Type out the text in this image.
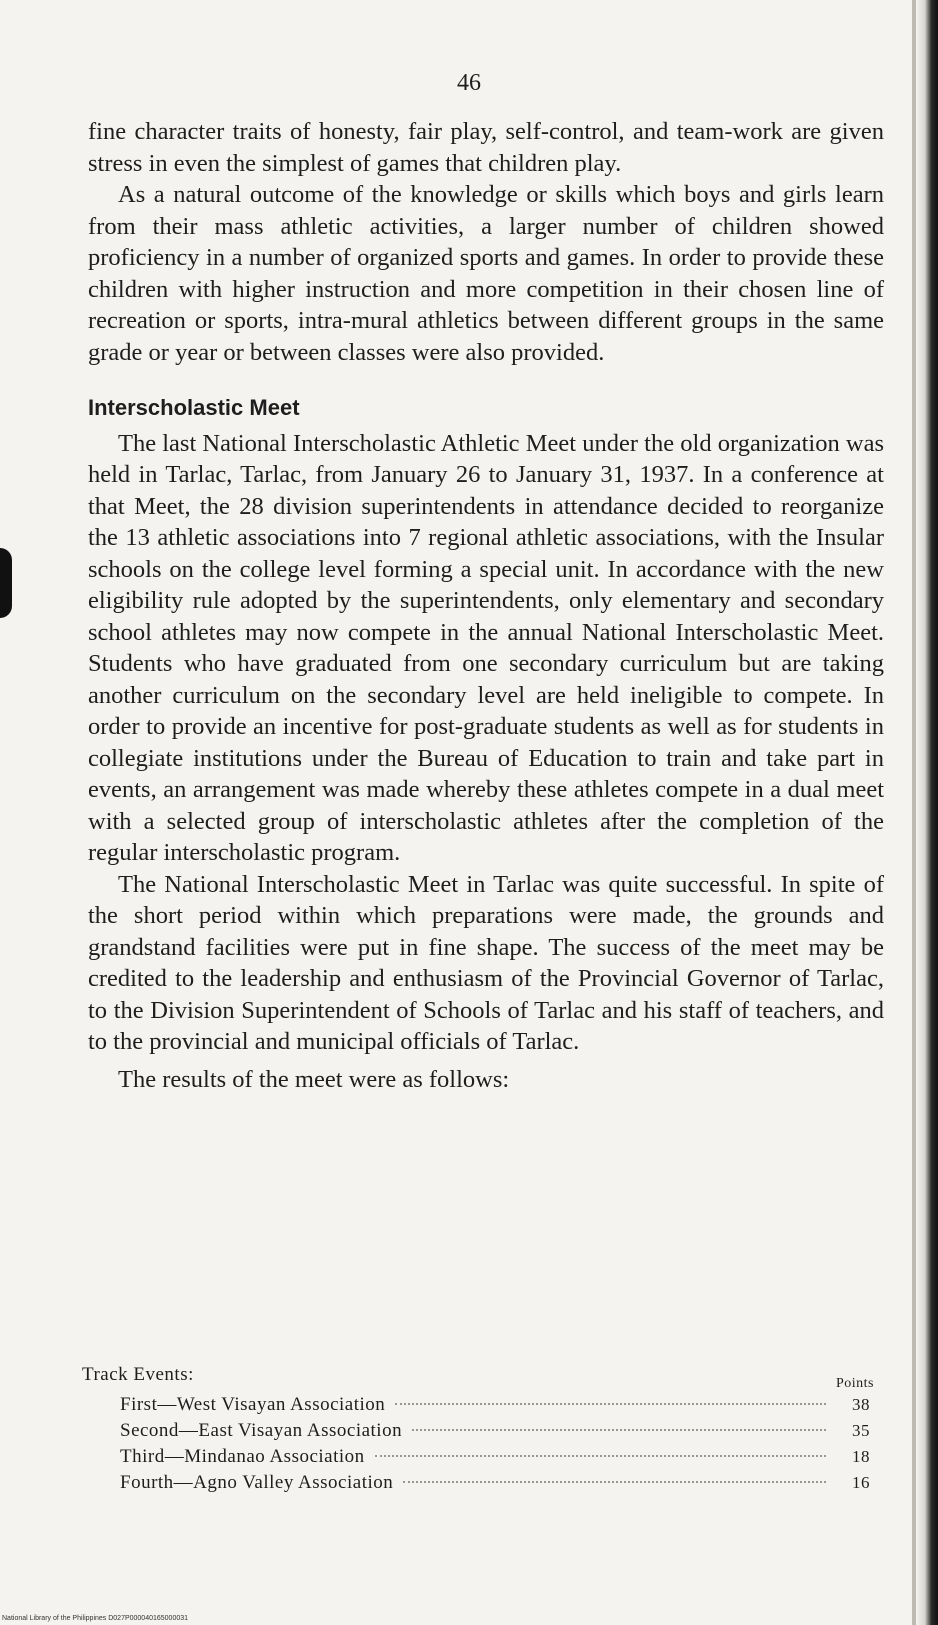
46

fine character traits of honesty, fair play, self-control, and team-work are given stress in even the simplest of games that children play.

As a natural outcome of the knowledge or skills which boys and girls learn from their mass athletic activities, a larger number of children showed proficiency in a number of organized sports and games. In order to provide these children with higher instruction and more competition in their chosen line of recreation or sports, intra-mural athletics between different groups in the same grade or year or between classes were also provided.

Interscholastic Meet

The last National Interscholastic Athletic Meet under the old organization was held in Tarlac, Tarlac, from January 26 to January 31, 1937. In a conference at that Meet, the 28 division superintendents in attendance decided to reorganize the 13 athletic associations into 7 regional athletic associations, with the Insular schools on the college level forming a special unit. In accordance with the new eligibility rule adopted by the superintendents, only elementary and secondary school athletes may now compete in the annual National Interscholastic Meet. Students who have graduated from one secondary curriculum but are taking another curriculum on the secondary level are held ineligible to compete. In order to provide an incentive for post-graduate students as well as for students in collegiate institutions under the Bureau of Education to train and take part in events, an arrangement was made whereby these athletes compete in a dual meet with a selected group of interscholastic athletes after the completion of the regular interscholastic program.

The National Interscholastic Meet in Tarlac was quite successful. In spite of the short period within which preparations were made, the grounds and grandstand facilities were put in fine shape. The success of the meet may be credited to the leadership and enthusiasm of the Provincial Governor of Tarlac, to the Division Superintendent of Schools of Tarlac and his staff of teachers, and to the provincial and municipal officials of Tarlac.

The results of the meet were as follows:

Track Events:	Points
First—West Visayan Association	38
Second—East Visayan Association	35
Third—Mindanao Association	18
Fourth—Agno Valley Association	16
National Library of the Philippines D027P000040165000031
